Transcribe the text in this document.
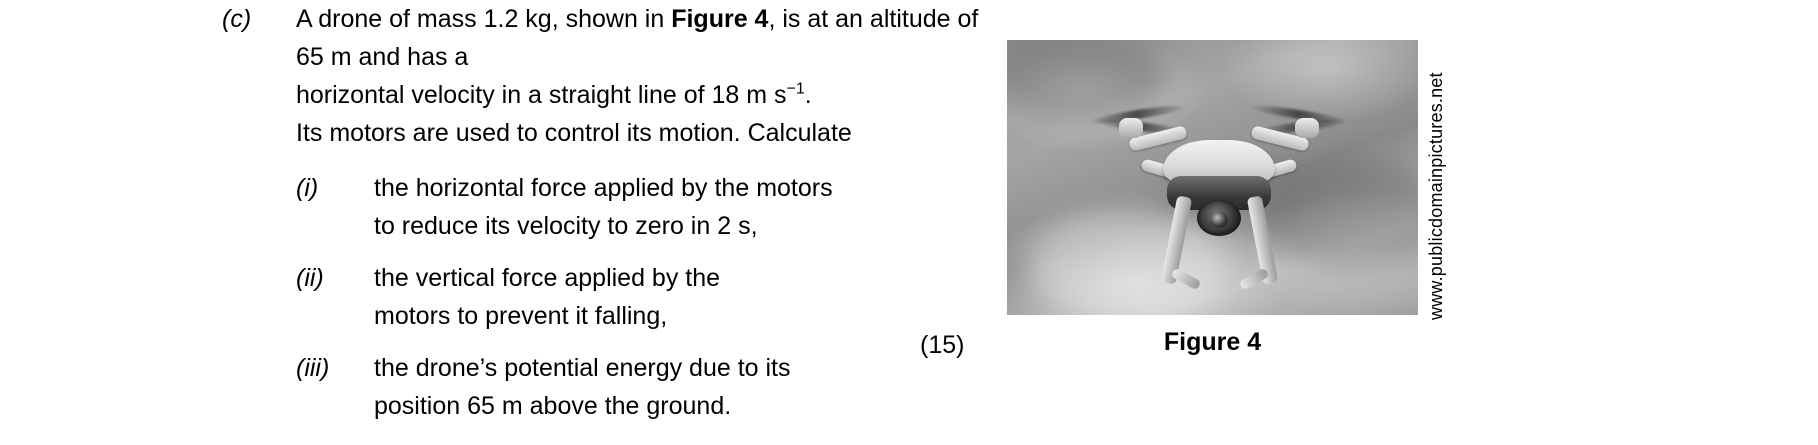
(c)	A drone of mass 1.2 kg, shown in Figure 4, is at an altitude of 65 m and has a
horizontal velocity in a straight line of 18 m $s^{-1}$.
Its motors are used to control its motion. Calculate
(i)	the horizontal force applied by the motors
to reduce its velocity to zero in 2 s,
(ii)	the vertical force applied by the
motors to prevent it falling,
(iii)	the drone’s potential energy due to its
position 65 m above the ground.
(15)
www.publicdomainpictures.net
Figure 4
